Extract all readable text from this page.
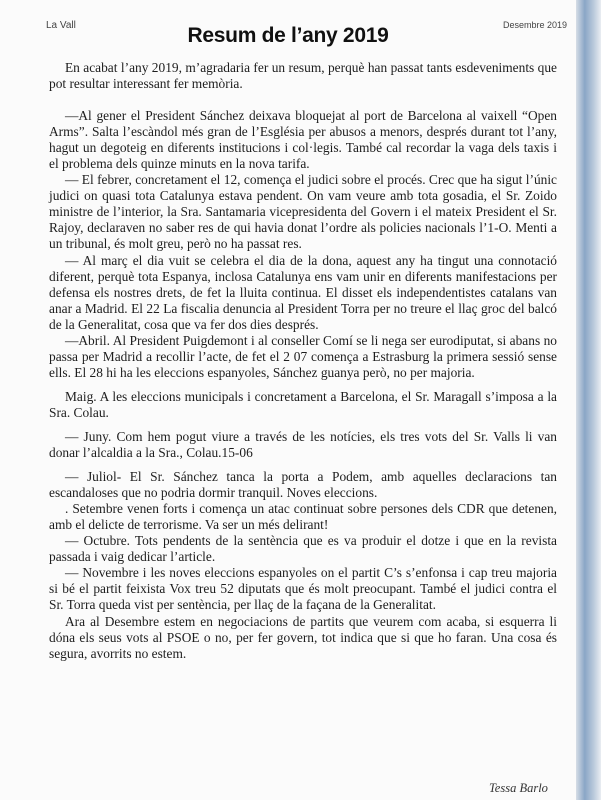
La Vall	Desembre 2019
Resum de l’any 2019

En acabat l’any 2019, m’agradaria fer un resum, perquè han passat tants esdeveniments que pot resultar interessant fer memòria.

—Al gener el President Sánchez deixava bloquejat al port de Barcelona al vaixell “Open Arms”. Salta l’escàndol més gran de l’Església per abusos a menors, després durant tot l’any, hagut un degoteig en diferents institucions i col·legis. També cal recordar la vaga dels taxis i el problema dels quinze minuts en la nova tarifa.

— El febrer, concretament el 12, comença el judici sobre el procés. Crec que ha sigut l’únic judici on quasi tota Catalunya estava pendent. On vam veure amb tota gosadia, el Sr. Zoido ministre de l’interior, la Sra. Santamaria vicepresidenta del Govern i el mateix President el Sr. Rajoy, declaraven no saber res de qui havia donat l’ordre als policies nacionals l’1-O. Menti a un tribunal, és molt greu, però no ha passat res.

— Al març el dia vuit se celebra el dia de la dona, aquest any ha tingut una connotació diferent, perquè tota Espanya, inclosa Catalunya ens vam unir en diferents manifestacions per defensa els nostres drets, de fet la lluita continua. El disset els independentistes catalans van anar a Madrid. El 22 La fiscalia denuncia al President Torra per no treure el llaç groc del balcó de la Generalitat, cosa que va fer dos dies després.

—Abril. Al President Puigdemont i al conseller Comí se li nega ser eurodiputat, si abans no passa per Madrid a recollir l’acte, de fet el 2 07 comença a Estrasburg la primera sessió sense ells. El 28 hi ha les eleccions espanyoles, Sánchez guanya però, no per majoria.

Maig. A les eleccions municipals i concretament a Barcelona, el Sr. Maragall s’imposa a la Sra. Colau.

— Juny. Com hem pogut viure a través de les notícies, els tres vots del Sr. Valls li van donar l’alcaldia a la Sra., Colau.15-06

— Juliol- El Sr. Sánchez tanca la porta a Podem, amb aquelles declaracions tan escandaloses que no podria dormir tranquil. Noves eleccions.

. Setembre venen forts i comença un atac continuat sobre persones dels CDR que detenen, amb el delicte de terrorisme. Va ser un més delirant!

— Octubre. Tots pendents de la sentència que es va produir el dotze i que en la revista passada i vaig dedicar l’article.

— Novembre i les noves eleccions espanyoles on el partit C’s s’enfonsa i cap treu majoria si bé el partit feixista Vox treu 52 diputats que és molt preocupant. També el judici contra el Sr. Torra queda vist per sentència, per llaç de la façana de la Generalitat.

Ara al Desembre estem en negociacions de partits que veurem com acaba, si esquerra li dóna els seus vots al PSOE o no, per fer govern, tot indica que si que ho faran. Una cosa és segura, avorrits no estem.

Tessa Barlo
